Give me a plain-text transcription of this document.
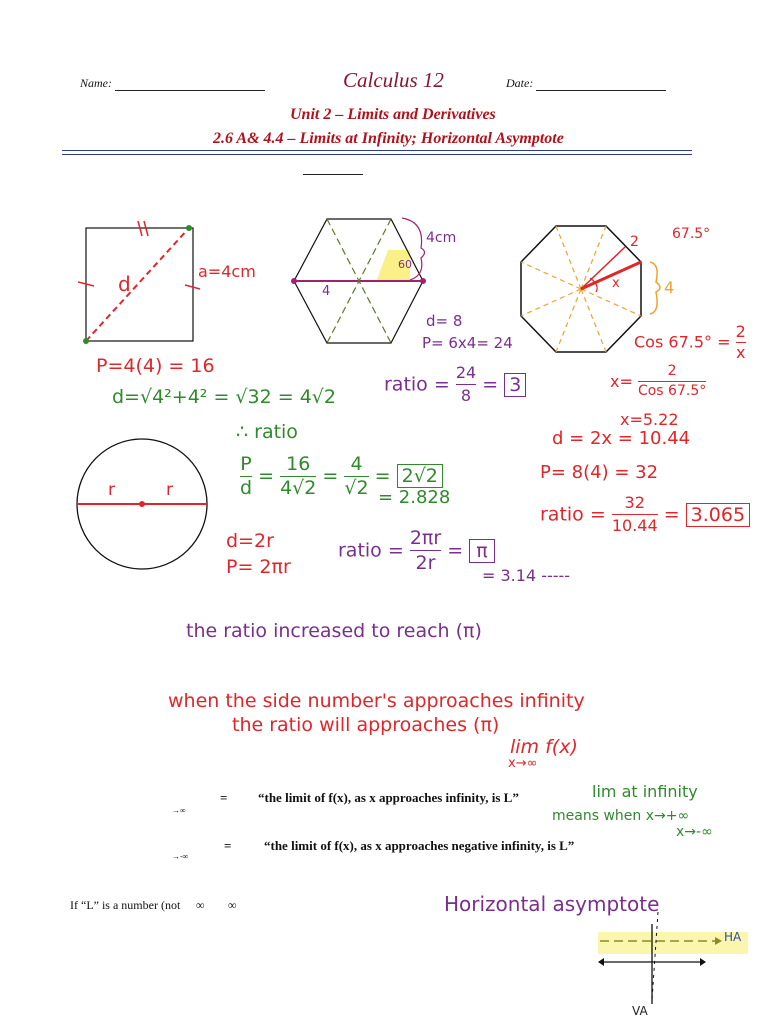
Name:	Calculus 12	Date:
Unit 2 – Limits and Derivatives
2.6 A& 4.4 – Limits at Infinity; Horizontal Asymptote
d
a=4cm
P=4(4) = 16
d=√4²+4² = √32 = 4√2
∴ ratio
$\frac{P}{d} = \frac{16}{4√2} = \frac{4}{√2} = 2√2$
= 2.828
4cm
4
60
d= 8
P= 6x4= 24
ratio = $\frac{24}{8} = 3$
2 67.5°
x	4
Cos $67.5^\circ = \frac{2}{x}$
x=
2
Cos 67.5°
x=5.22
d = 2x = 10.44
P= 8(4) = 32
ratio = $\frac{32}{10.44} = 3.065$
r	r
d=2r
P= 2πr
ratio = $\frac{2\pi r}{2r} = \pi$
= 3.14 -----
the ratio increased to reach (π)
when the side number's approaches infinity
the ratio will approaches (π)
lim f(x)
x→∞
lim at infinity
means when x→+∞
x→-∞
→∞
= “the limit of f(x), as x approaches infinity, is L”
→-∞
=	“the limit of f(x), as x approaches negative infinity, is L”
If “L” is a number (not ∞ ∞	Horizontal asymptote
HA
VA
